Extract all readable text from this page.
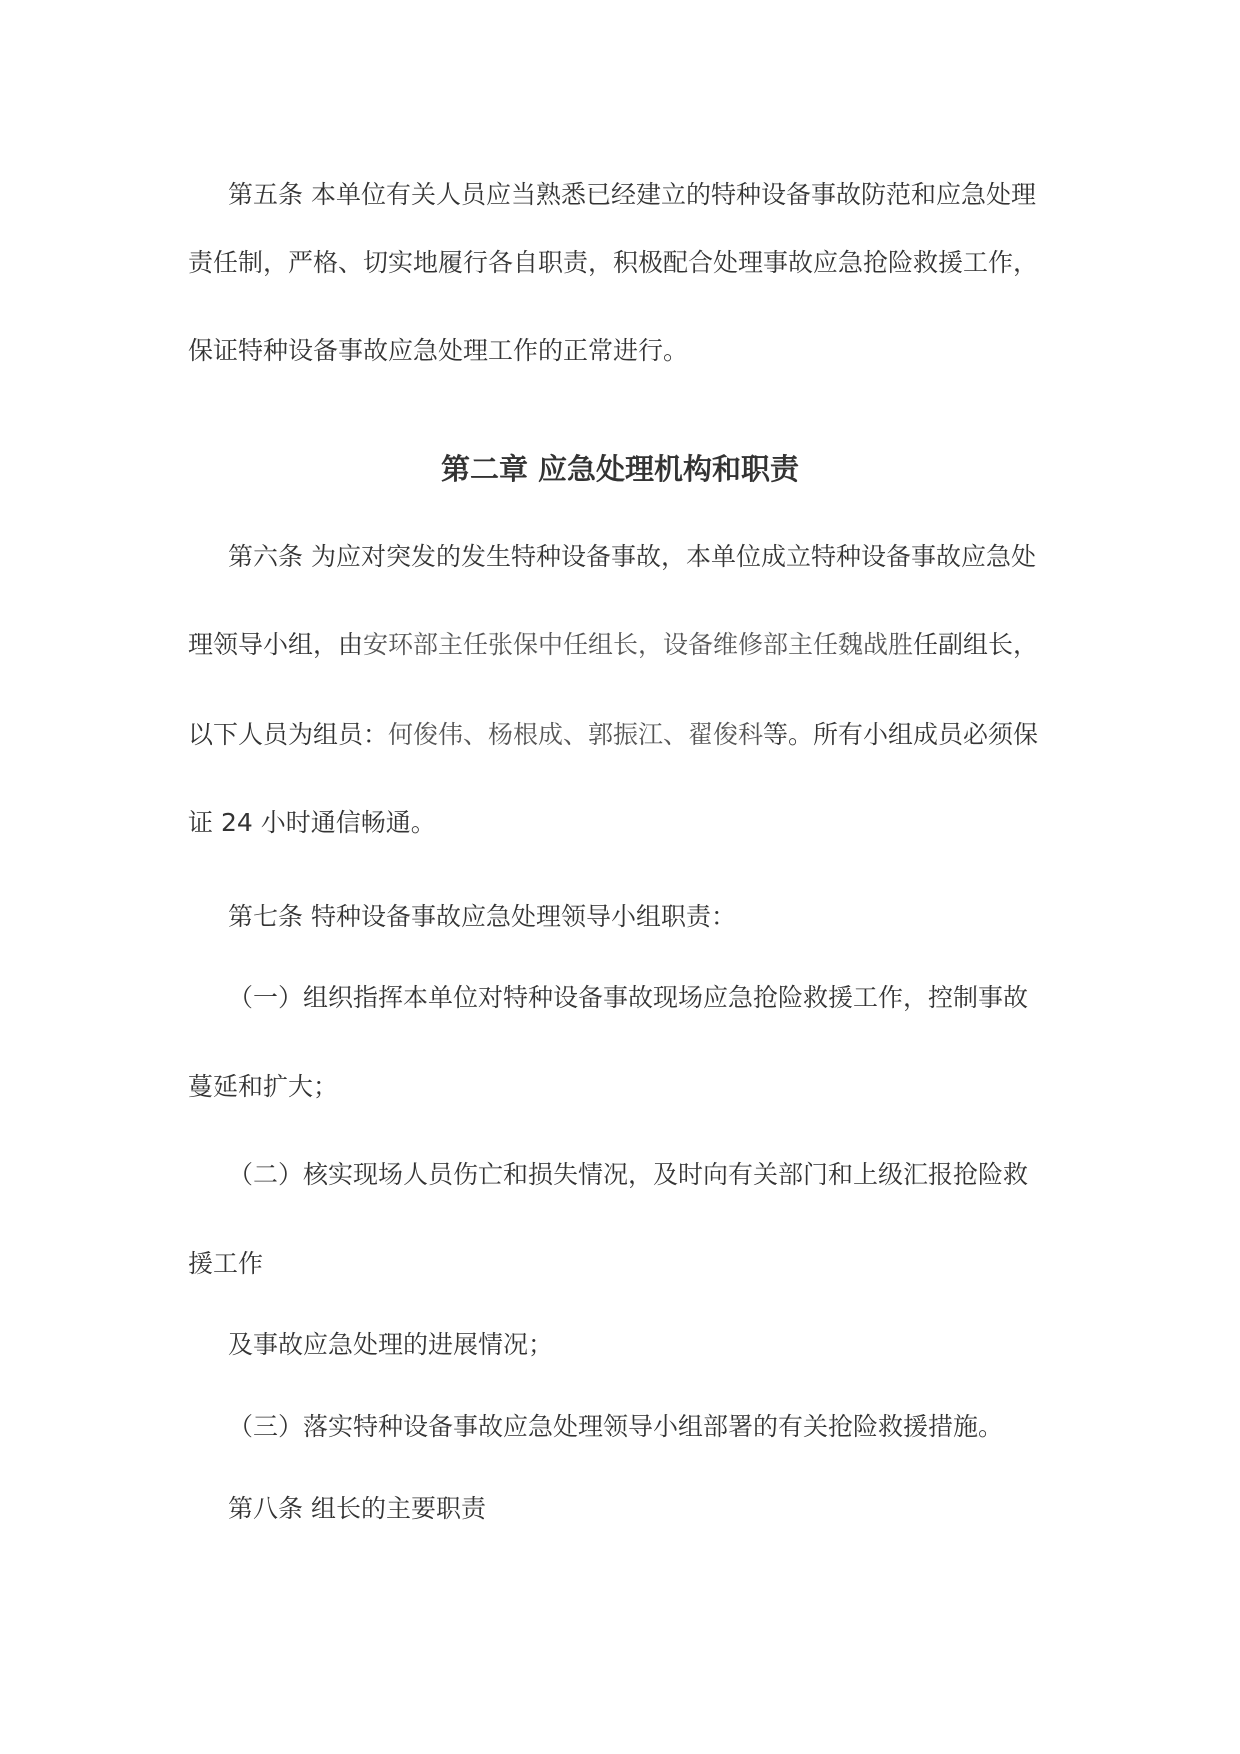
第五条 本单位有关人员应当熟悉已经建立的特种设备事故防范和应急处理
责任制，严格、切实地履行各自职责，积极配合处理事故应急抢险救援工作，
保证特种设备事故应急处理工作的正常进行。
第二章 应急处理机构和职责
第六条 为应对突发的发生特种设备事故，本单位成立特种设备事故应急处
理领导小组，由安环部主任张保中任组长，设备维修部主任魏战胜任副组长，
以下人员为组员：何俊伟、杨根成、郭振江、翟俊科等。所有小组成员必须保
证 24 小时通信畅通。
第七条 特种设备事故应急处理领导小组职责：
（一）组织指挥本单位对特种设备事故现场应急抢险救援工作，控制事故
蔓延和扩大；
（二）核实现场人员伤亡和损失情况，及时向有关部门和上级汇报抢险救
援工作
及事故应急处理的进展情况；
（三）落实特种设备事故应急处理领导小组部署的有关抢险救援措施。
第八条 组长的主要职责
